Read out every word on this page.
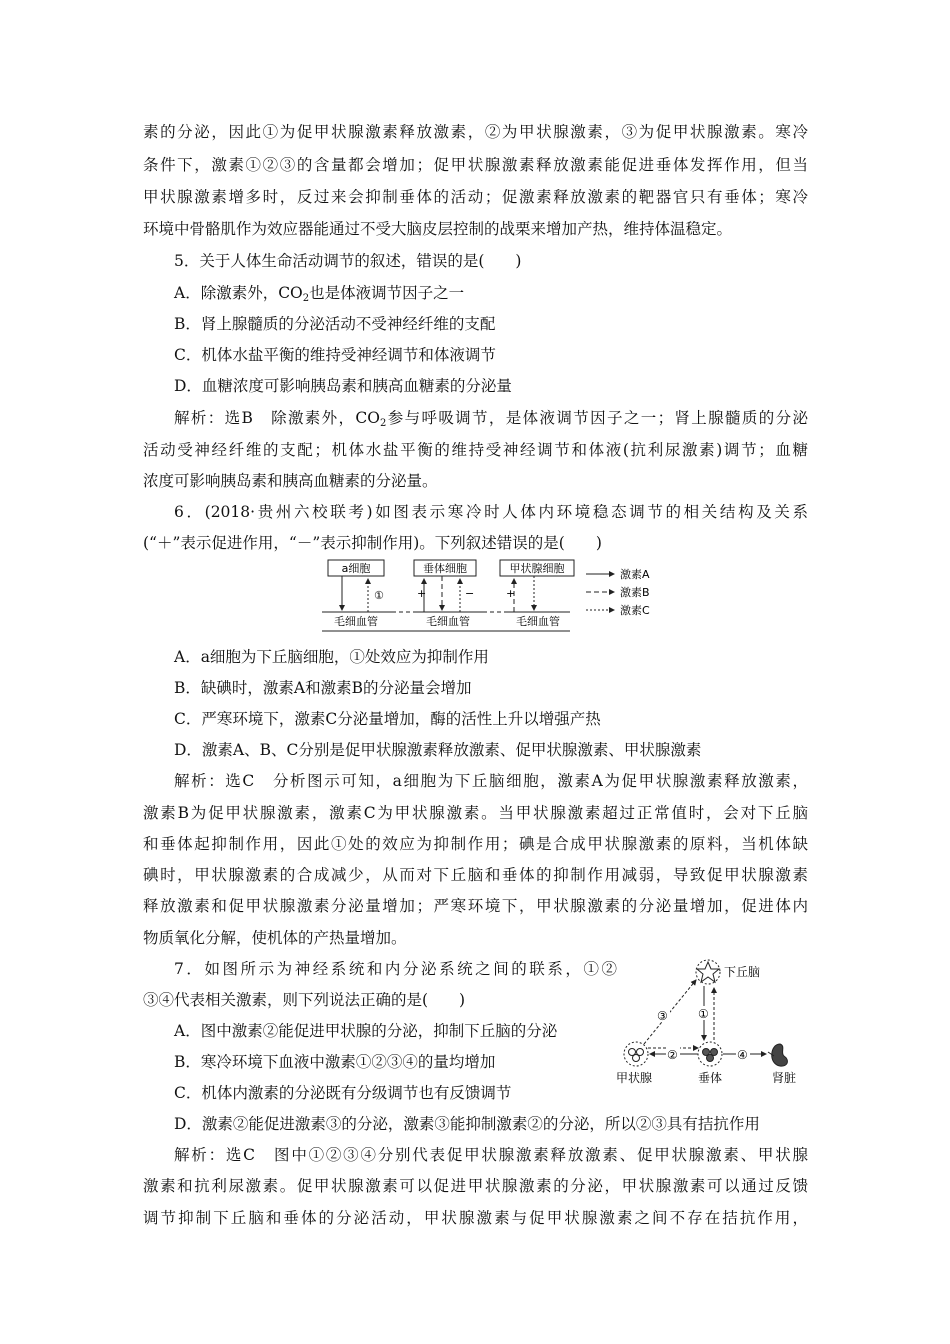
素的分泌，因此①为促甲状腺激素释放激素，②为甲状腺激素，③为促甲状腺激素。寒冷
条件下，激素①②③的含量都会增加；促甲状腺激素释放激素能促进垂体发挥作用，但当
甲状腺激素增多时，反过来会抑制垂体的活动；促激素释放激素的靶器官只有垂体；寒冷
环境中骨骼肌作为效应器能通过不受大脑皮层控制的战栗来增加产热，维持体温稳定。
5．关于人体生命活动调节的叙述，错误的是(　　)
A．除激素外，$CO_2$也是体液调节因子之一
B．肾上腺髓质的分泌活动不受神经纤维的支配
C．机体水盐平衡的维持受神经调节和体液调节
D．血糖浓度可影响胰岛素和胰高血糖素的分泌量
解析：选B　除激素外，$CO_2$参与呼吸调节，是体液调节因子之一；肾上腺髓质的分泌
活动受神经纤维的支配；机体水盐平衡的维持受神经调节和体液(抗利尿激素)调节；血糖
浓度可影响胰岛素和胰高血糖素的分泌量。
6．(2018·贵州六校联考)如图表示寒冷时人体内环境稳态调节的相关结构及关系
(“＋”表示促进作用，“－”表示抑制作用)。下列叙述错误的是(　　)
a细胞	垂体细胞	甲状腺细胞
毛细血管	毛细血管	毛细血管
①	+	−	+
激素A
激素B
激素C
A．a细胞为下丘脑细胞，①处效应为抑制作用
B．缺碘时，激素A和激素B的分泌量会增加
C．严寒环境下，激素C分泌量增加，酶的活性上升以增强产热
D．激素A、B、C分别是促甲状腺激素释放激素、促甲状腺激素、甲状腺激素
解析：选C　分析图示可知，a细胞为下丘脑细胞，激素A为促甲状腺激素释放激素，
激素B为促甲状腺激素，激素C为甲状腺激素。当甲状腺激素超过正常值时，会对下丘脑
和垂体起抑制作用，因此①处的效应为抑制作用；碘是合成甲状腺激素的原料，当机体缺
碘时，甲状腺激素的合成减少，从而对下丘脑和垂体的抑制作用减弱，导致促甲状腺激素
释放激素和促甲状腺激素分泌量增加；严寒环境下，甲状腺激素的分泌量增加，促进体内
物质氧化分解，使机体的产热量增加。
7．如图所示为神经系统和内分泌系统之间的联系，①②
③④代表相关激素，则下列说法正确的是(　　)
A．图中激素②能促进甲状腺的分泌，抑制下丘脑的分泌
B．寒冷环境下血液中激素①②③④的量均增加
C．机体内激素的分泌既有分级调节也有反馈调节
下丘脑
甲状腺	垂体	肾脏
①
③
②	④
D．激素②能促进激素③的分泌，激素③能抑制激素②的分泌，所以②③具有拮抗作用
解析：选C　图中①②③④分别代表促甲状腺激素释放激素、促甲状腺激素、甲状腺
激素和抗利尿激素。促甲状腺激素可以促进甲状腺激素的分泌，甲状腺激素可以通过反馈
调节抑制下丘脑和垂体的分泌活动，甲状腺激素与促甲状腺激素之间不存在拮抗作用，
